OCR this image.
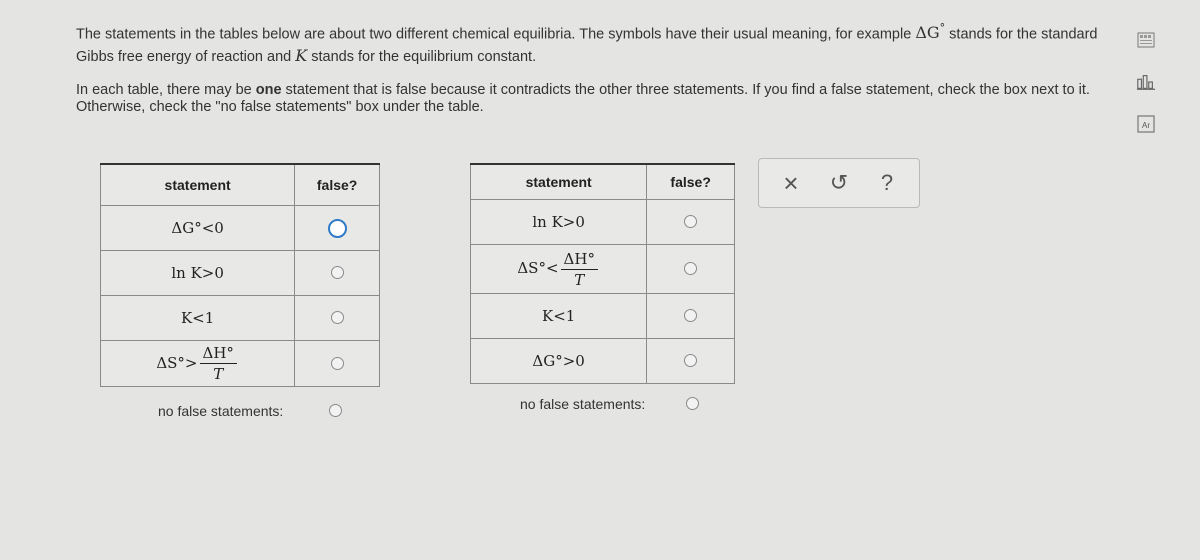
The statements in the tables below are about two different chemical equilibria. The symbols have their usual meaning, for example ΔG° stands for the standard Gibbs free energy of reaction and K stands for the equilibrium constant.

In each table, there may be one statement that is false because it contradicts the other three statements. If you find a false statement, check the box next to it. Otherwise, check the "no false statements" box under the table.

Ar
statement	false?
ΔG°<0	
ln K>0	
K<1	
$\Delta S^\circ> \frac{\Delta H^\circ}{T}$

no false statements:
statement	false?
ln K>0	
$\Delta S^\circ< \frac{\Delta H^\circ}{T}$

K<1	
ΔG°>0	
no false statements:
× ↺ ?
